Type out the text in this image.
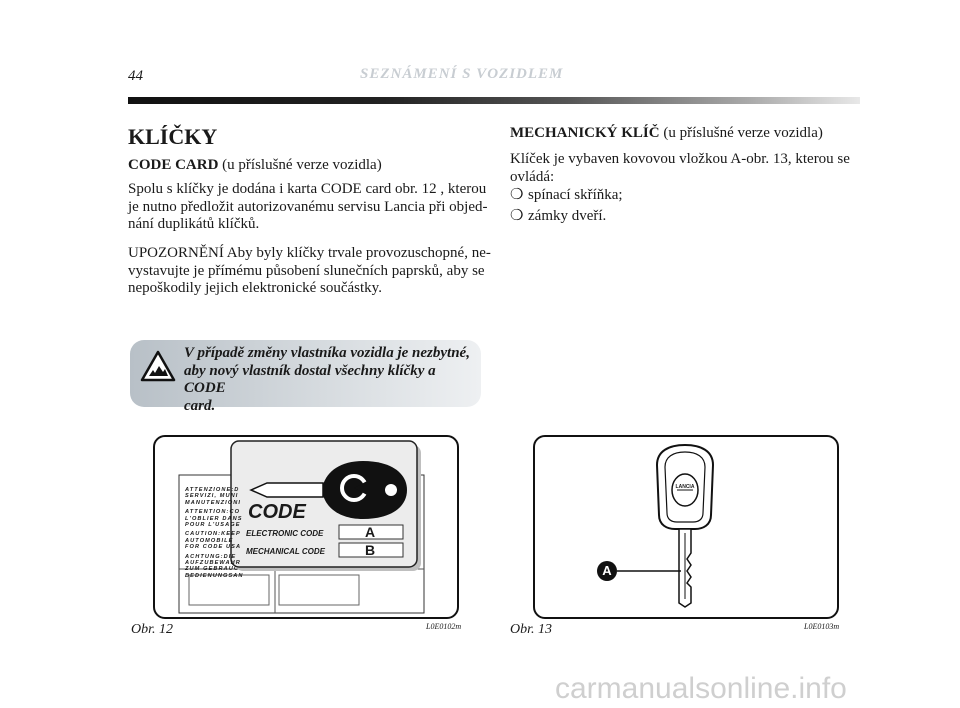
44	SEZNÁMENÍ S VOZIDLEM
KLÍČKY
CODE CARD (u příslušné verze vozidla)
Spolu s klíčky je dodána i karta CODE card obr. 12 , kterou
je nutno předložit autorizovanému servisu Lancia při objed-
nání duplikátů klíčků.
UPOZORNĚNÍ Aby byly klíčky trvale provozuschopné, ne-
vystavujte je přímému působení slunečních paprsků, aby se
nepoškodily jejich elektronické součástky.
V případě změny vlastníka vozidla je nezbytné,
aby nový vlastník dostal všechny klíčky a CODE
card.
MECHANICKÝ KLÍČ (u příslušné verze vozidla)
Klíček je vybaven kovovou vložkou A-obr. 13, kterou se
ovládá:
❍ spínací skříňka;
❍ zámky dveří.
ATTENZIONE:D
SERVIZI, MUNI
MANUTENZIONI
ATTENTION:CO
L'OBLIER DANS
POUR L'USAGE
CAUTION:KEEP
AUTOMOBILE
FOR CODE USA
ACHTUNG:DIE
AUFZUBEWAHR
ZUM GEBRAUC
BEDIENUNGSAN
CODE
ELECTRONIC CODE
MECHANICAL CODE
A
B
Obr. 12	L0E0102m
A
LANCIA
Obr. 13	L0E0103m
carmanualsonline.info
